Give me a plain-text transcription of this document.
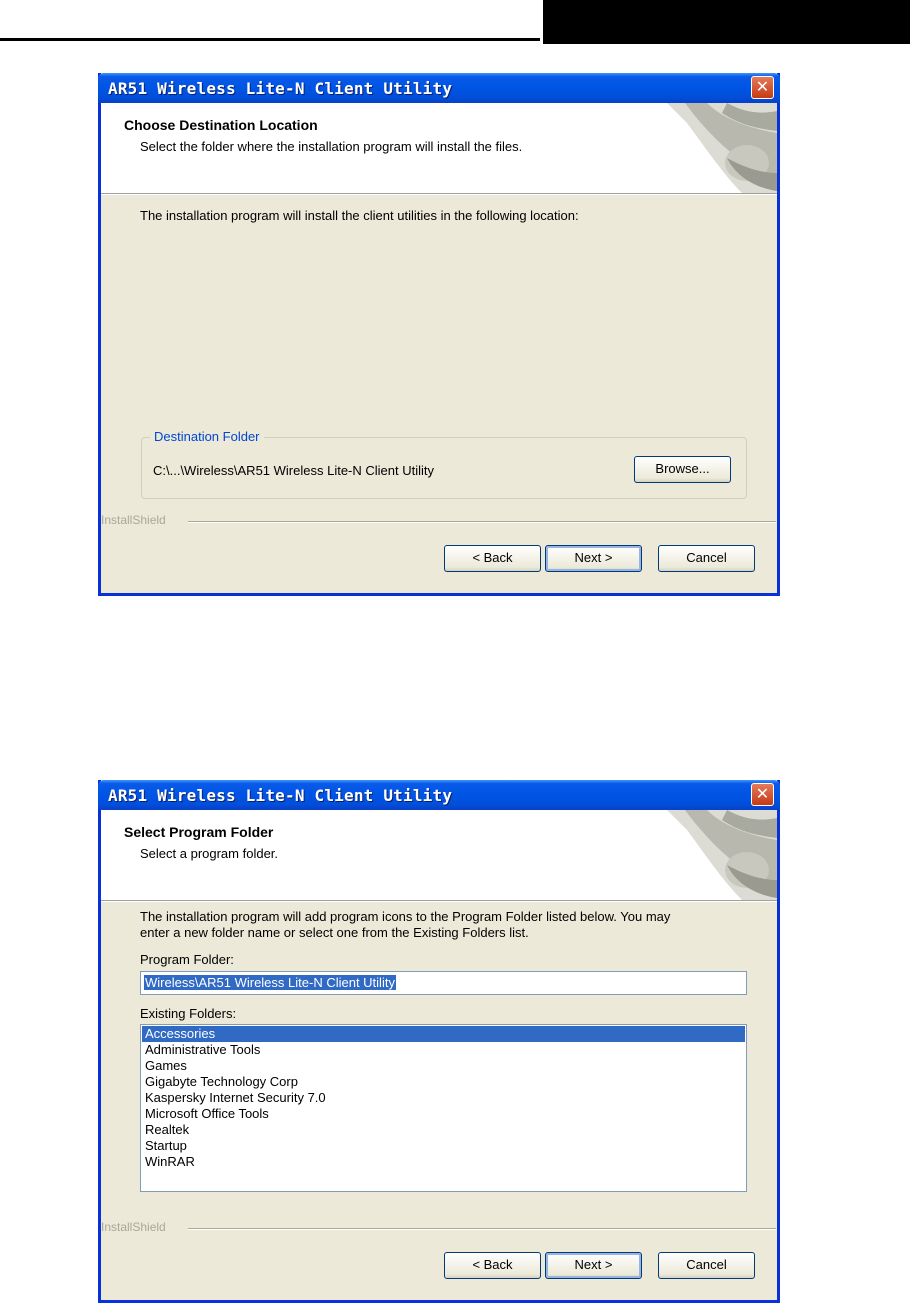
AR51 Wireless Lite-N Client Utility	✕
Choose Destination Location
Select the folder where the installation program will install the files.
The installation program will install the client utilities in the following location:
Destination Folder
C:\...\Wireless\AR51 Wireless Lite-N Client Utility	Browse...
InstallShield
< Back	Next >	Cancel
AR51 Wireless Lite-N Client Utility	✕
Select Program Folder
Select a program folder.
The installation program will add program icons to the Program Folder listed below. You may
enter a new folder name or select one from the Existing Folders list.
Program Folder:
Wireless\AR51 Wireless Lite-N Client Utility
Existing Folders:
Accessories
Administrative Tools
Games
Gigabyte Technology Corp
Kaspersky Internet Security 7.0
Microsoft Office Tools
Realtek
Startup
WinRAR
InstallShield
< Back	Next >	Cancel
